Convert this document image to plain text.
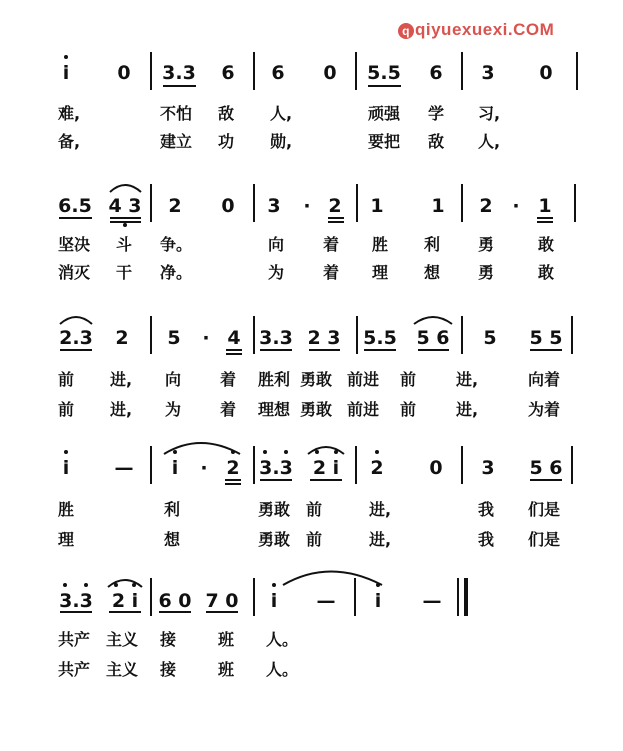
q qiyuexuexi.COM
i	0 3.3 6 6 0 5.5 6 3 0
难,	不怕 敌 人,	顽强 学 习,
备,	建立 功 勋,	要把 敌 人,
6.5 4 3 2 0 3 · 2 1	1 2 · 1
坚决 斗 争。	向 着 胜 利 勇	敢
消灭 干 净。	为 着 理 想 勇	敢
2.3 2 5 · 4 3.3 2 3 5.5 5 6 5 5 5
前 进, 向 着 胜利 勇敢 前进 前 进,	向着
前 进, 为 着 理想 勇敢 前进 前 进,	为着
i — i · 2 3.3 2 i 2 0 3 5 6
胜	利	勇敢 前	进,	我 们是
理	想	勇敢 前	进,	我 们是
3.3 2 i 6 0 7 0 i — i —
共产 主义 接	班 人。
共产 主义 接	班 人。
